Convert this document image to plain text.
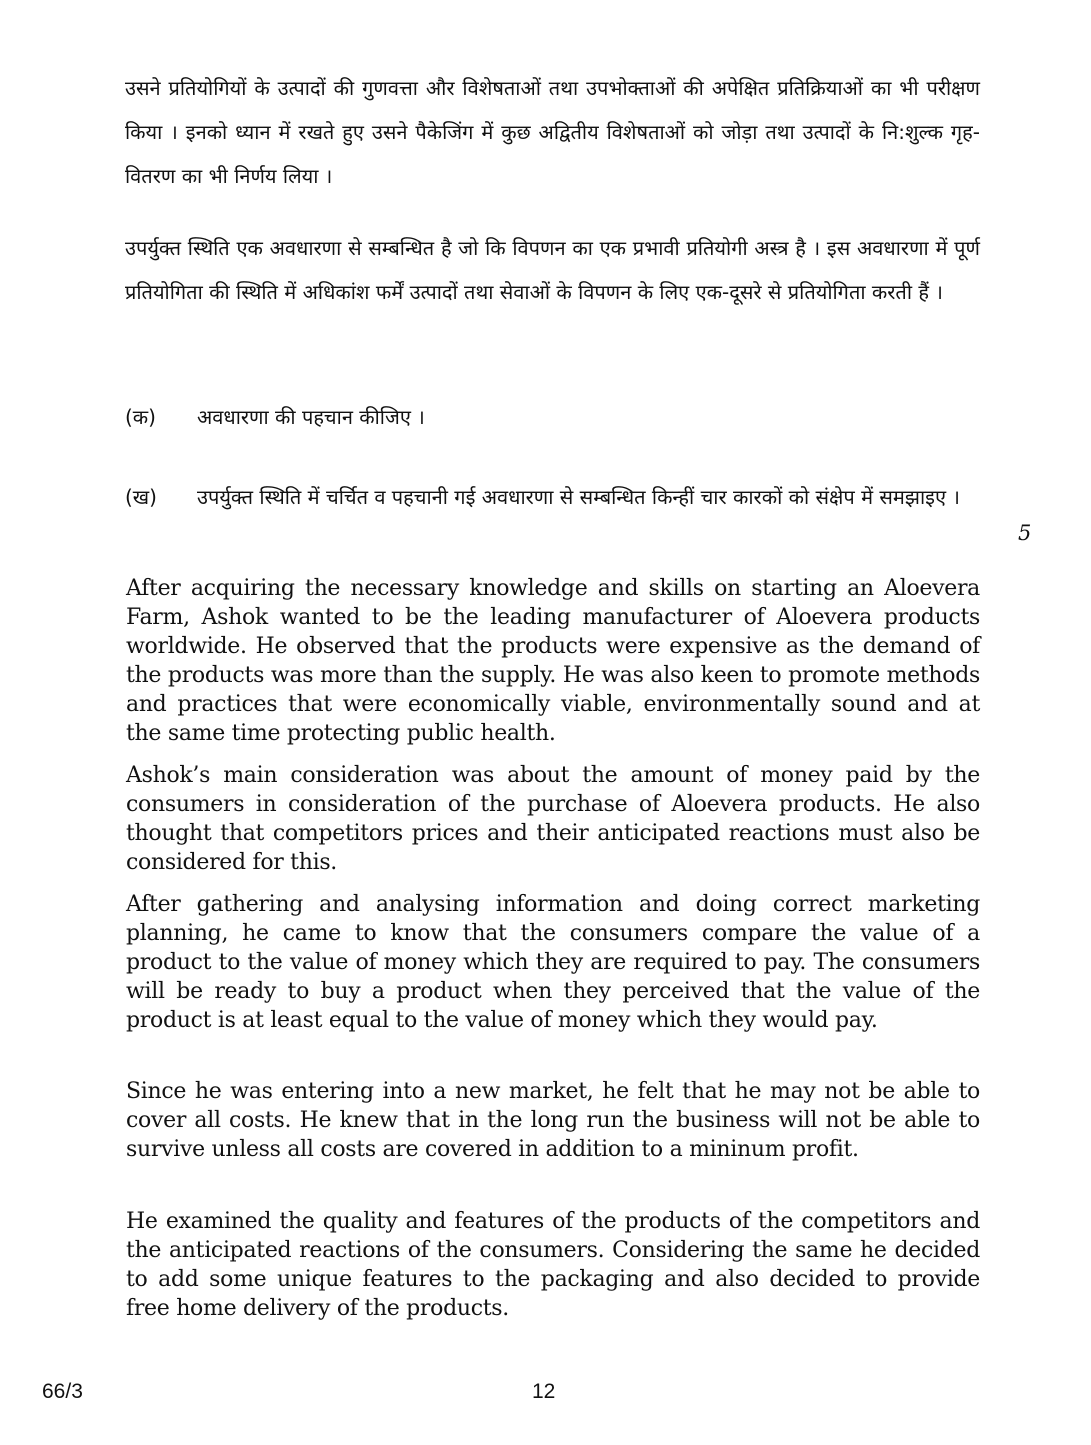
उसने प्रतियोगियों के उत्पादों की गुणवत्ता और विशेषताओं तथा उपभोक्ताओं की अपेक्षित प्रतिक्रियाओं का भी परीक्षण किया । इनको ध्यान में रखते हुए उसने पैकेजिंग में कुछ अद्वितीय विशेषताओं को जोड़ा तथा उत्पादों के नि:शुल्क गृह-वितरण का भी निर्णय लिया ।
उपर्युक्त स्थिति एक अवधारणा से सम्बन्धित है जो कि विपणन का एक प्रभावी प्रतियोगी अस्त्र है । इस अवधारणा में पूर्ण प्रतियोगिता की स्थिति में अधिकांश फर्में उत्पादों तथा सेवाओं के विपणन के लिए एक-दूसरे से प्रतियोगिता करती हैं ।
(क) अवधारणा की पहचान कीजिए ।
(ख) उपर्युक्त स्थिति में चर्चित व पहचानी गई अवधारणा से सम्बन्धित किन्हीं चार कारकों को संक्षेप में समझाइए ।
5
After acquiring the necessary knowledge and skills on starting an Aloevera Farm, Ashok wanted to be the leading manufacturer of Aloevera products worldwide. He observed that the products were expensive as the demand of the products was more than the supply. He was also keen to promote methods and practices that were economically viable, environmentally sound and at the same time protecting public health.
Ashok’s main consideration was about the amount of money paid by the consumers in consideration of the purchase of Aloevera products. He also thought that competitors prices and their anticipated reactions must also be considered for this.
After gathering and analysing information and doing correct marketing planning, he came to know that the consumers compare the value of a product to the value of money which they are required to pay. The consumers will be ready to buy a product when they perceived that the value of the product is at least equal to the value of money which they would pay.
Since he was entering into a new market, he felt that he may not be able to cover all costs. He knew that in the long run the business will not be able to survive unless all costs are covered in addition to a mininum profit.
He examined the quality and features of the products of the competitors and the anticipated reactions of the consumers. Considering the same he decided to add some unique features to the packaging and also decided to provide free home delivery of the products.
66/3	12
